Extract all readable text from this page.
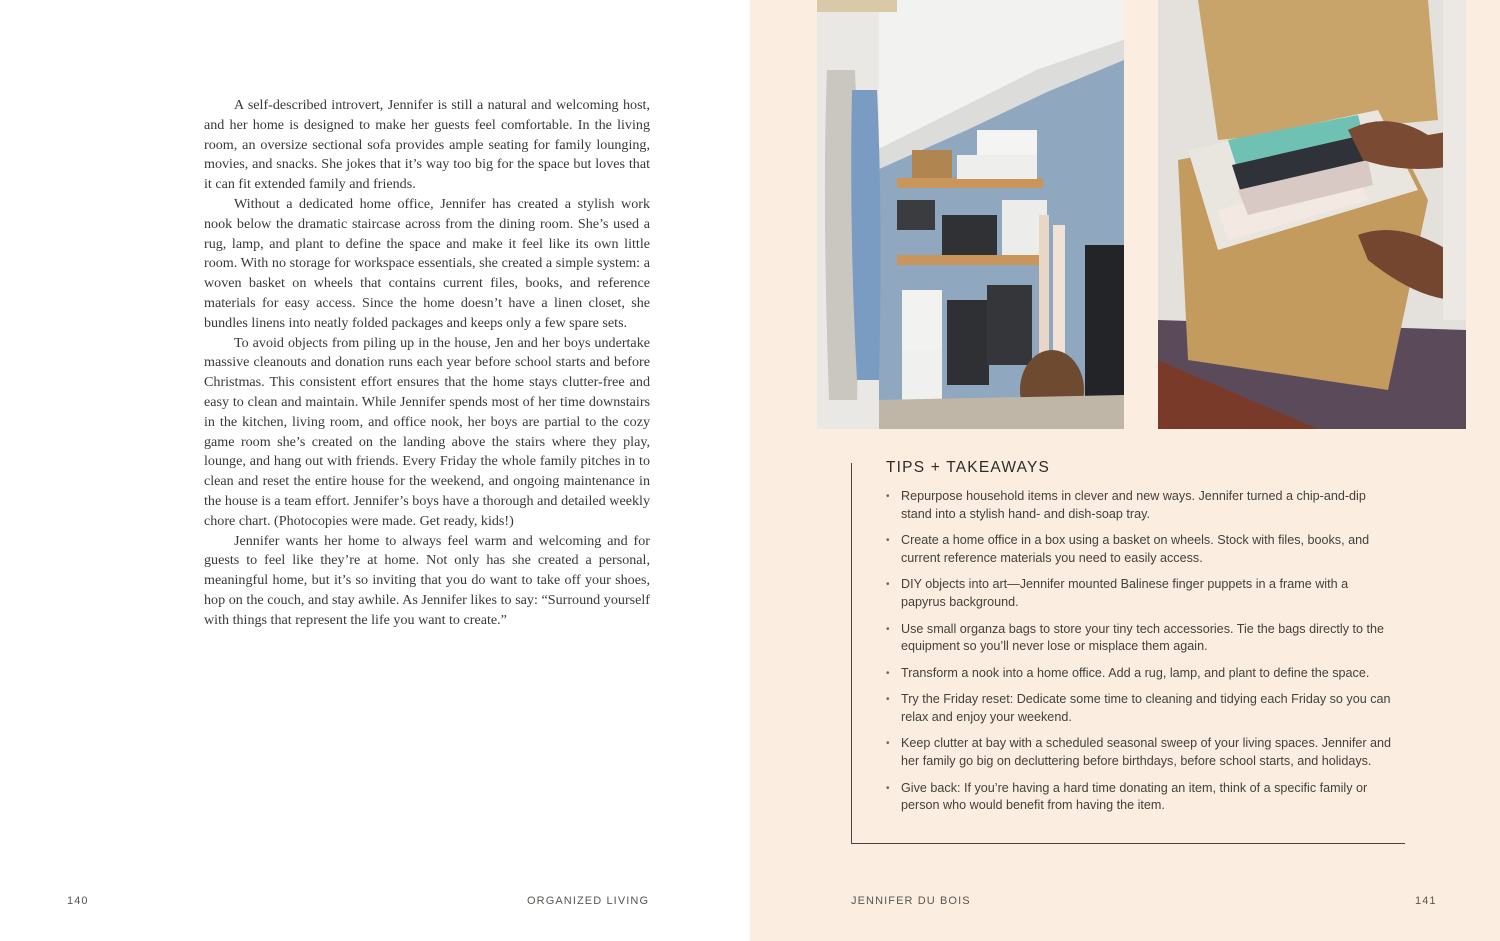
A self-described introvert, Jennifer is still a natural and welcoming host, and her home is designed to make her guests feel comfortable. In the living room, an oversize sectional sofa provides ample seating for family lounging, movies, and snacks. She jokes that it’s way too big for the space but loves that it can fit extended family and friends.

Without a dedicated home office, Jennifer has created a stylish work nook below the dramatic staircase across from the dining room. She’s used a rug, lamp, and plant to define the space and make it feel like its own little room. With no storage for workspace essentials, she created a simple system: a woven basket on wheels that contains current files, books, and reference materials for easy access. Since the home doesn’t have a linen closet, she bundles linens into neatly folded packages and keeps only a few spare sets.

To avoid objects from piling up in the house, Jen and her boys undertake massive cleanouts and donation runs each year before school starts and before Christmas. This consistent effort ensures that the home stays clutter-free and easy to clean and maintain. While Jennifer spends most of her time downstairs in the kitchen, living room, and office nook, her boys are partial to the cozy game room she’s created on the landing above the stairs where they play, lounge, and hang out with friends. Every Friday the whole family pitches in to clean and reset the entire house for the weekend, and ongoing maintenance in the house is a team effort. Jennifer’s boys have a thorough and detailed weekly chore chart. (Photocopies were made. Get ready, kids!)

Jennifer wants her home to always feel warm and welcoming and for guests to feel like they’re at home. Not only has she created a personal, meaningful home, but it’s so inviting that you do want to take off your shoes, hop on the couch, and stay awhile. As Jennifer likes to say: “Surround yourself with things that represent the life you want to create.”

140	ORGANIZED LIVING
TIPS + TAKEAWAYS
• Repurpose household items in clever and new ways. Jennifer turned a chip-and-dip stand into a stylish hand- and dish-soap tray.
• Create a home office in a box using a basket on wheels. Stock with files, books, and current reference materials you need to easily access.
• DIY objects into art—Jennifer mounted Balinese finger puppets in a frame with a papyrus background.
• Use small organza bags to store your tiny tech accessories. Tie the bags directly to the equipment so you’ll never lose or misplace them again.
• Transform a nook into a home office. Add a rug, lamp, and plant to define the space.
• Try the Friday reset: Dedicate some time to cleaning and tidying each Friday so you can relax and enjoy your weekend.
• Keep clutter at bay with a scheduled seasonal sweep of your living spaces. Jennifer and her family go big on decluttering before birthdays, before school starts, and holidays.
• Give back: If you’re having a hard time donating an item, think of a specific family or person who would benefit from having the item.
JENNIFER DU BOIS	141
